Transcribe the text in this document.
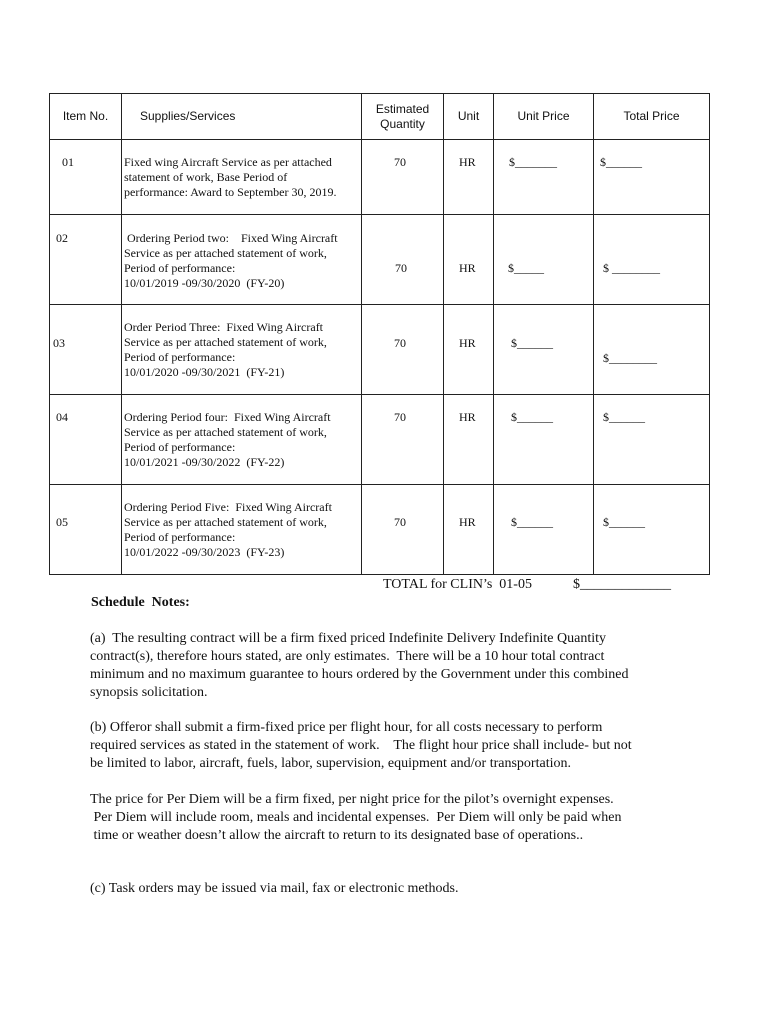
Item No.	Supplies/Services	Estimated
Quantity	Unit	Unit Price	Total Price

01	Fixed wing Aircraft Service as per attached
statement of work, Base Period of
performance: Award to September 30, 2019.	70	HR	$_______	$______

02	Ordering Period two:    Fixed Wing Aircraft
Service as per attached statement of work,
Period of performance:
10/01/2019 -09/30/2020  (FY-20)	70	HR	$_____	$ ________

03	Order Period Three:  Fixed Wing Aircraft
Service as per attached statement of work,
Period of performance:
10/01/2020 -09/30/2021  (FY-21)	70	HR	$______	$________

04	Ordering Period four:  Fixed Wing Aircraft
Service as per attached statement of work,
Period of performance:
10/01/2021 -09/30/2022  (FY-22)	70	HR	$______	$______

05	Ordering Period Five:  Fixed Wing Aircraft
Service as per attached statement of work,
Period of performance:
10/01/2022 -09/30/2023  (FY-23)	70	HR	$______	$______
TOTAL for CLIN’s  01-05	$_____________
Schedule  Notes:
(a)  The resulting contract will be a firm fixed priced Indefinite Delivery Indefinite Quantity
contract(s), therefore hours stated, are only estimates.  There will be a 10 hour total contract
minimum and no maximum guarantee to hours ordered by the Government under this combined
synopsis solicitation.
(b) Offeror shall submit a firm-fixed price per flight hour, for all costs necessary to perform
required services as stated in the statement of work.    The flight hour price shall include- but not
be limited to labor, aircraft, fuels, labor, supervision, equipment and/or transportation.
The price for Per Diem will be a firm fixed, per night price for the pilot’s overnight expenses.
Per Diem will include room, meals and incidental expenses.  Per Diem will only be paid when
time or weather doesn’t allow the aircraft to return to its designated base of operations..
(c) Task orders may be issued via mail, fax or electronic methods.
